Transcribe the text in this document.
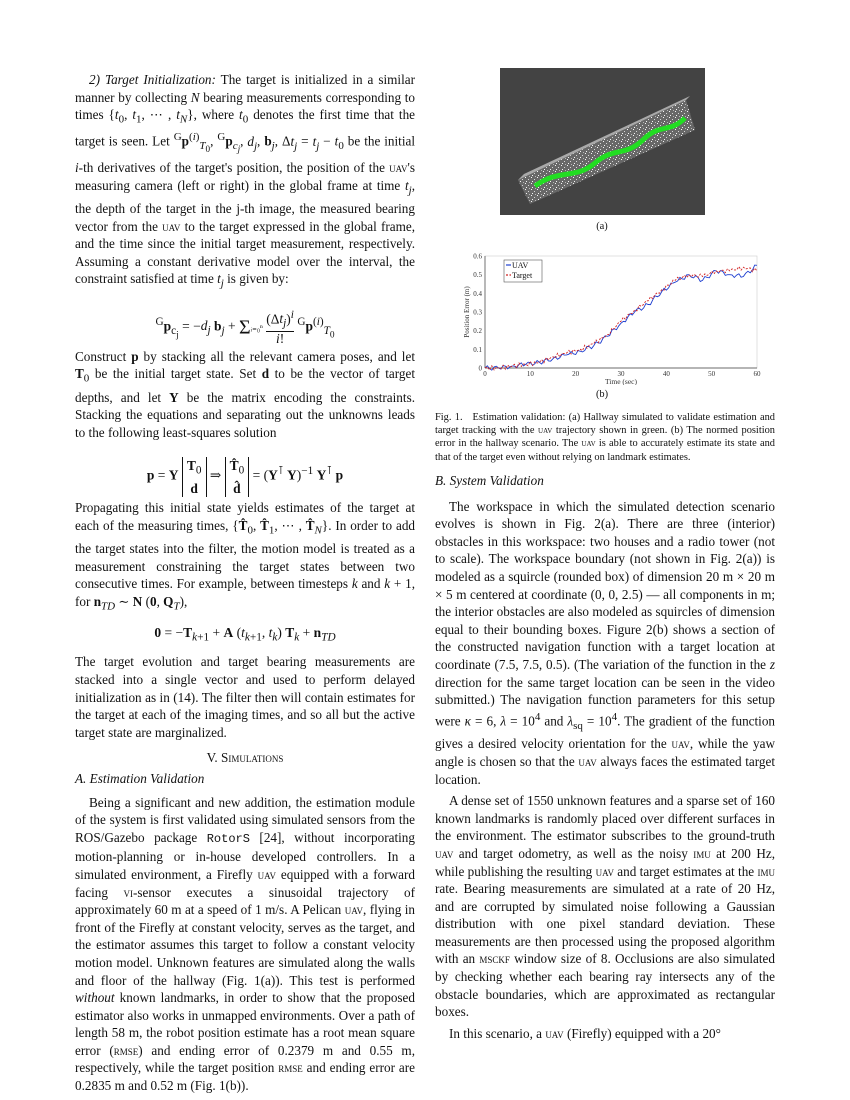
2) Target Initialization: The target is initialized in a similar manner by collecting N bearing measurements corresponding to times {$t_0$, $t_1$, ⋯ , $t_N$}, where $t_0$ denotes the first time that the target is seen. Let $^Gp^{(i)}_{T_0}$, $^Gp_{c_j}$, $d_j$, $b_j$, $\Delta t_j = t_j - t_0$ be the initial i-th derivatives of the target's position, the position of the uav's measuring camera (left or right) in the global frame at time $t_j$, the depth of the target in the j-th image, the measured bearing vector from the uav to the target expressed in the global frame, and the time since the initial target measurement, respectively. Assuming a constant derivative model over the interval, the constraint satisfied at time $t_j$ is given by:

$^Gp_{c_j} = -d_j$ $b_j$ + Σᵢ₌₀ⁿ
$(\Delta t_j)^i$
i!
$^Gp^{(i)}_{T_0}$

Construct p by stacking all the relevant camera poses, and let $T_0$ be the initial target state. Set d to be the vector of target depths, and let Y be the matrix encoding the constraints. Stacking the equations and separating out the unknowns leads to the following least-squares solution

p = Y $T_0$
d ⇒ $T̂_0$
d̂ = (Y⊺ Y)$^{-1}$ Y⊺ p

Propagating this initial state yields estimates of the target at each of the measuring times, {$T̂_0$, $T̂_1$, ⋯ , $T̂_N$}. In order to add the target states into the filter, the motion model is treated as a measurement constraining the target states between two consecutive times. For example, between timesteps k and k + 1, for $n_{TD}$ ∼ N (0, $Q_T$),

$0 = -T_{k+1} + A$ ($t_{k+1}$, $t_k$) $T_k + n_{TD}$

The target evolution and target bearing measurements are stacked into a single vector and used to perform delayed initialization as in (14). The filter then will contain estimates for the target at each of the imaging times, and so all but the active target state are marginalized.

V. Simulations
A. Estimation Validation

Being a significant and new addition, the estimation module of the system is first validated using simulated sensors from the ROS/Gazebo package RotorS [24], without incorporating motion-planning or in-house developed controllers. In a simulated environment, a Firefly uav equipped with a forward facing vi-sensor executes a sinusoidal trajectory of approximately 60 m at a speed of 1 m/s. A Pelican uav, flying in front of the Firefly at constant velocity, serves as the target, and the estimator assumes this target to follow a constant velocity motion model. Unknown features are simulated along the walls and floor of the hallway (Fig. 1(a)). This test is performed without known landmarks, in order to show that the proposed estimator also works in unmapped environments. Over a path of length 58 m, the robot position estimate has a root mean square error (rmse) and ending error of 0.2379 m and 0.55 m, respectively, while the target position rmse and ending error are 0.2835 m and 0.52 m (Fig. 1(b)).

(a)
0	10	20	30	40	50	60
0
0.1
0.2
0.3
0.4
0.5
0.6
Time (sec)
Position Error (m)
UAV
Target
(b)
Fig. 1.   Estimation validation: (a) Hallway simulated to validate estimation and target tracking with the uav trajectory shown in green. (b) The normed position error in the hallway scenario. The uav is able to accurately estimate its state and that of the target even without relying on landmark estimates.
B. System Validation

The workspace in which the simulated detection scenario evolves is shown in Fig. 2(a). There are three (interior) obstacles in this workspace: two houses and a radio tower (not to scale). The workspace boundary (not shown in Fig. 2(a)) is modeled as a squircle (rounded box) of dimension 20 m × 20 m × 5 m centered at coordinate (0, 0, 2.5) — all components in m; the interior obstacles are also modeled as squircles of dimension equal to their bounding boxes. Figure 2(b) shows a section of the constructed navigation function with a target location at coordinate (7.5, 7.5, 0.5). (The variation of the function in the z direction for the same target location can be seen in the video submitted.) The navigation function parameters for this setup were κ = 6, $\lambda = 10^4$ and $\lambda_{sq} = 10^4$. The gradient of the function gives a desired velocity orientation for the uav, while the yaw angle is chosen so that the uav always faces the estimated target location.

A dense set of 1550 unknown features and a sparse set of 160 known landmarks is randomly placed over different surfaces in the environment. The estimator subscribes to the ground-truth uav and target odometry, as well as the noisy imu at 200 Hz, while publishing the resulting uav and target estimates at the imu rate. Bearing measurements are simulated at a rate of 20 Hz, and are corrupted by simulated noise following a Gaussian distribution with one pixel standard deviation. These measurements are then processed using the proposed algorithm with an msckf window size of 8. Occlusions are also simulated by checking whether each bearing ray intersects any of the obstacle boundaries, which are approximated as rectangular boxes.

In this scenario, a uav (Firefly) equipped with a 20°
